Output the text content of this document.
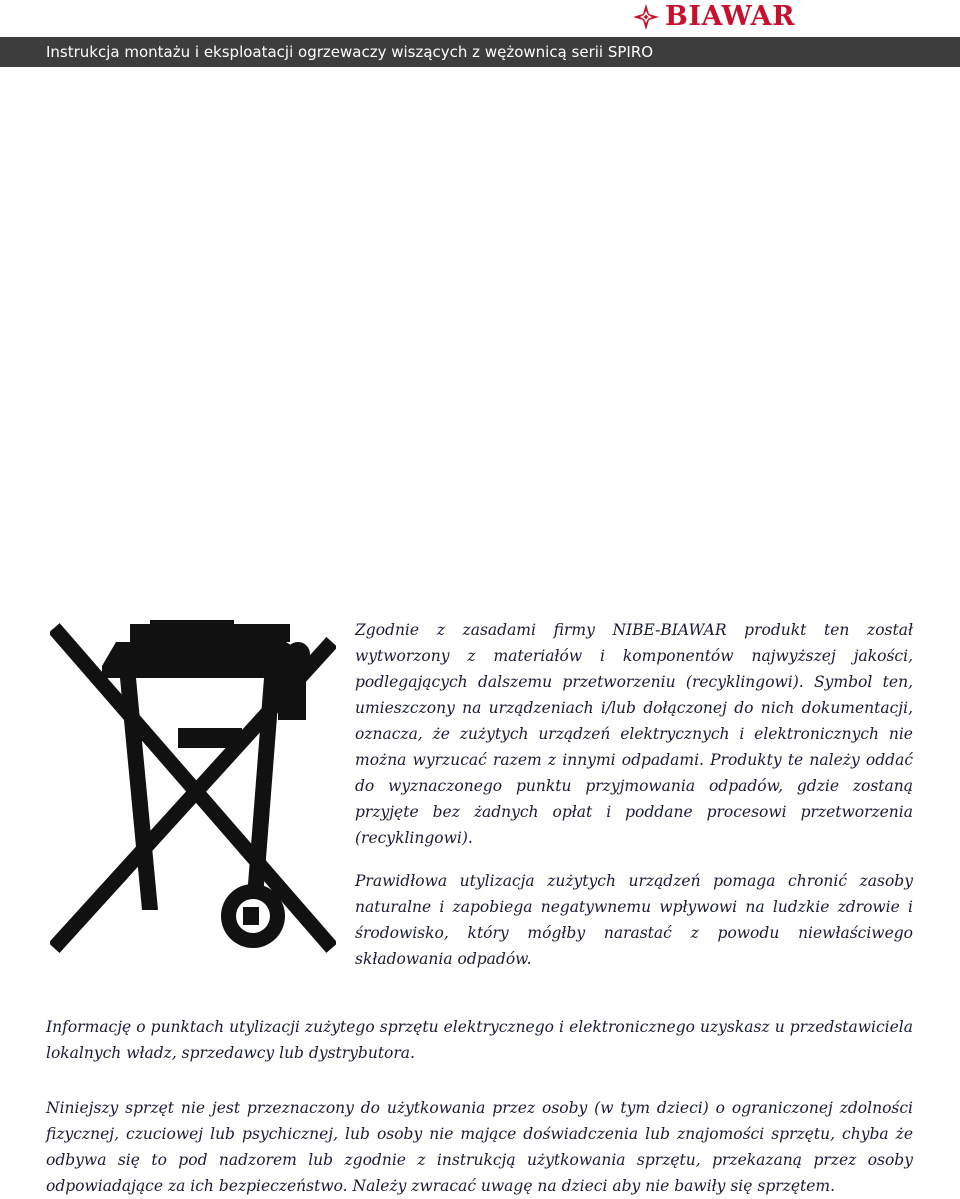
BIAWAR
Instrukcja montażu i eksploatacji ogrzewaczy wiszących z wężownicą serii SPIRO

Zgodnie z zasadami firmy NIBE-BIAWAR produkt ten został wytworzony z materiałów i komponentów najwyższej jakości, podlegających dalszemu przetworzeniu (recyklingowi). Symbol ten, umieszczony na urządzeniach i/lub dołączonej do nich dokumentacji, oznacza, że zużytych urządzeń elektrycznych i elektronicznych nie można wyrzucać razem z innymi odpadami. Produkty te należy oddać do wyznaczonego punktu przyjmowania odpadów, gdzie zostaną przyjęte bez żadnych opłat i poddane procesowi przetworzenia (recyklingowi).

Prawidłowa utylizacja zużytych urządzeń pomaga chronić zasoby naturalne i zapobiega negatywnemu wpływowi na ludzkie zdrowie i środowisko, który mógłby narastać z powodu niewłaściwego składowania odpadów.

Informację o punktach utylizacji zużytego sprzętu elektrycznego i elektronicznego uzyskasz u przedstawiciela lokalnych władz, sprzedawcy lub dystrybutora.

Niniejszy sprzęt nie jest przeznaczony do użytkowania przez osoby (w tym dzieci) o ograniczonej zdolności fizycznej, czuciowej lub psychicznej, lub osoby nie mające doświadczenia lub znajomości sprzętu, chyba że odbywa się to pod nadzorem lub zgodnie z instrukcją użytkowania sprzętu, przekazaną przez osoby odpowiadające za ich bezpieczeństwo. Należy zwracać uwagę na dzieci aby nie bawiły się sprzętem.
